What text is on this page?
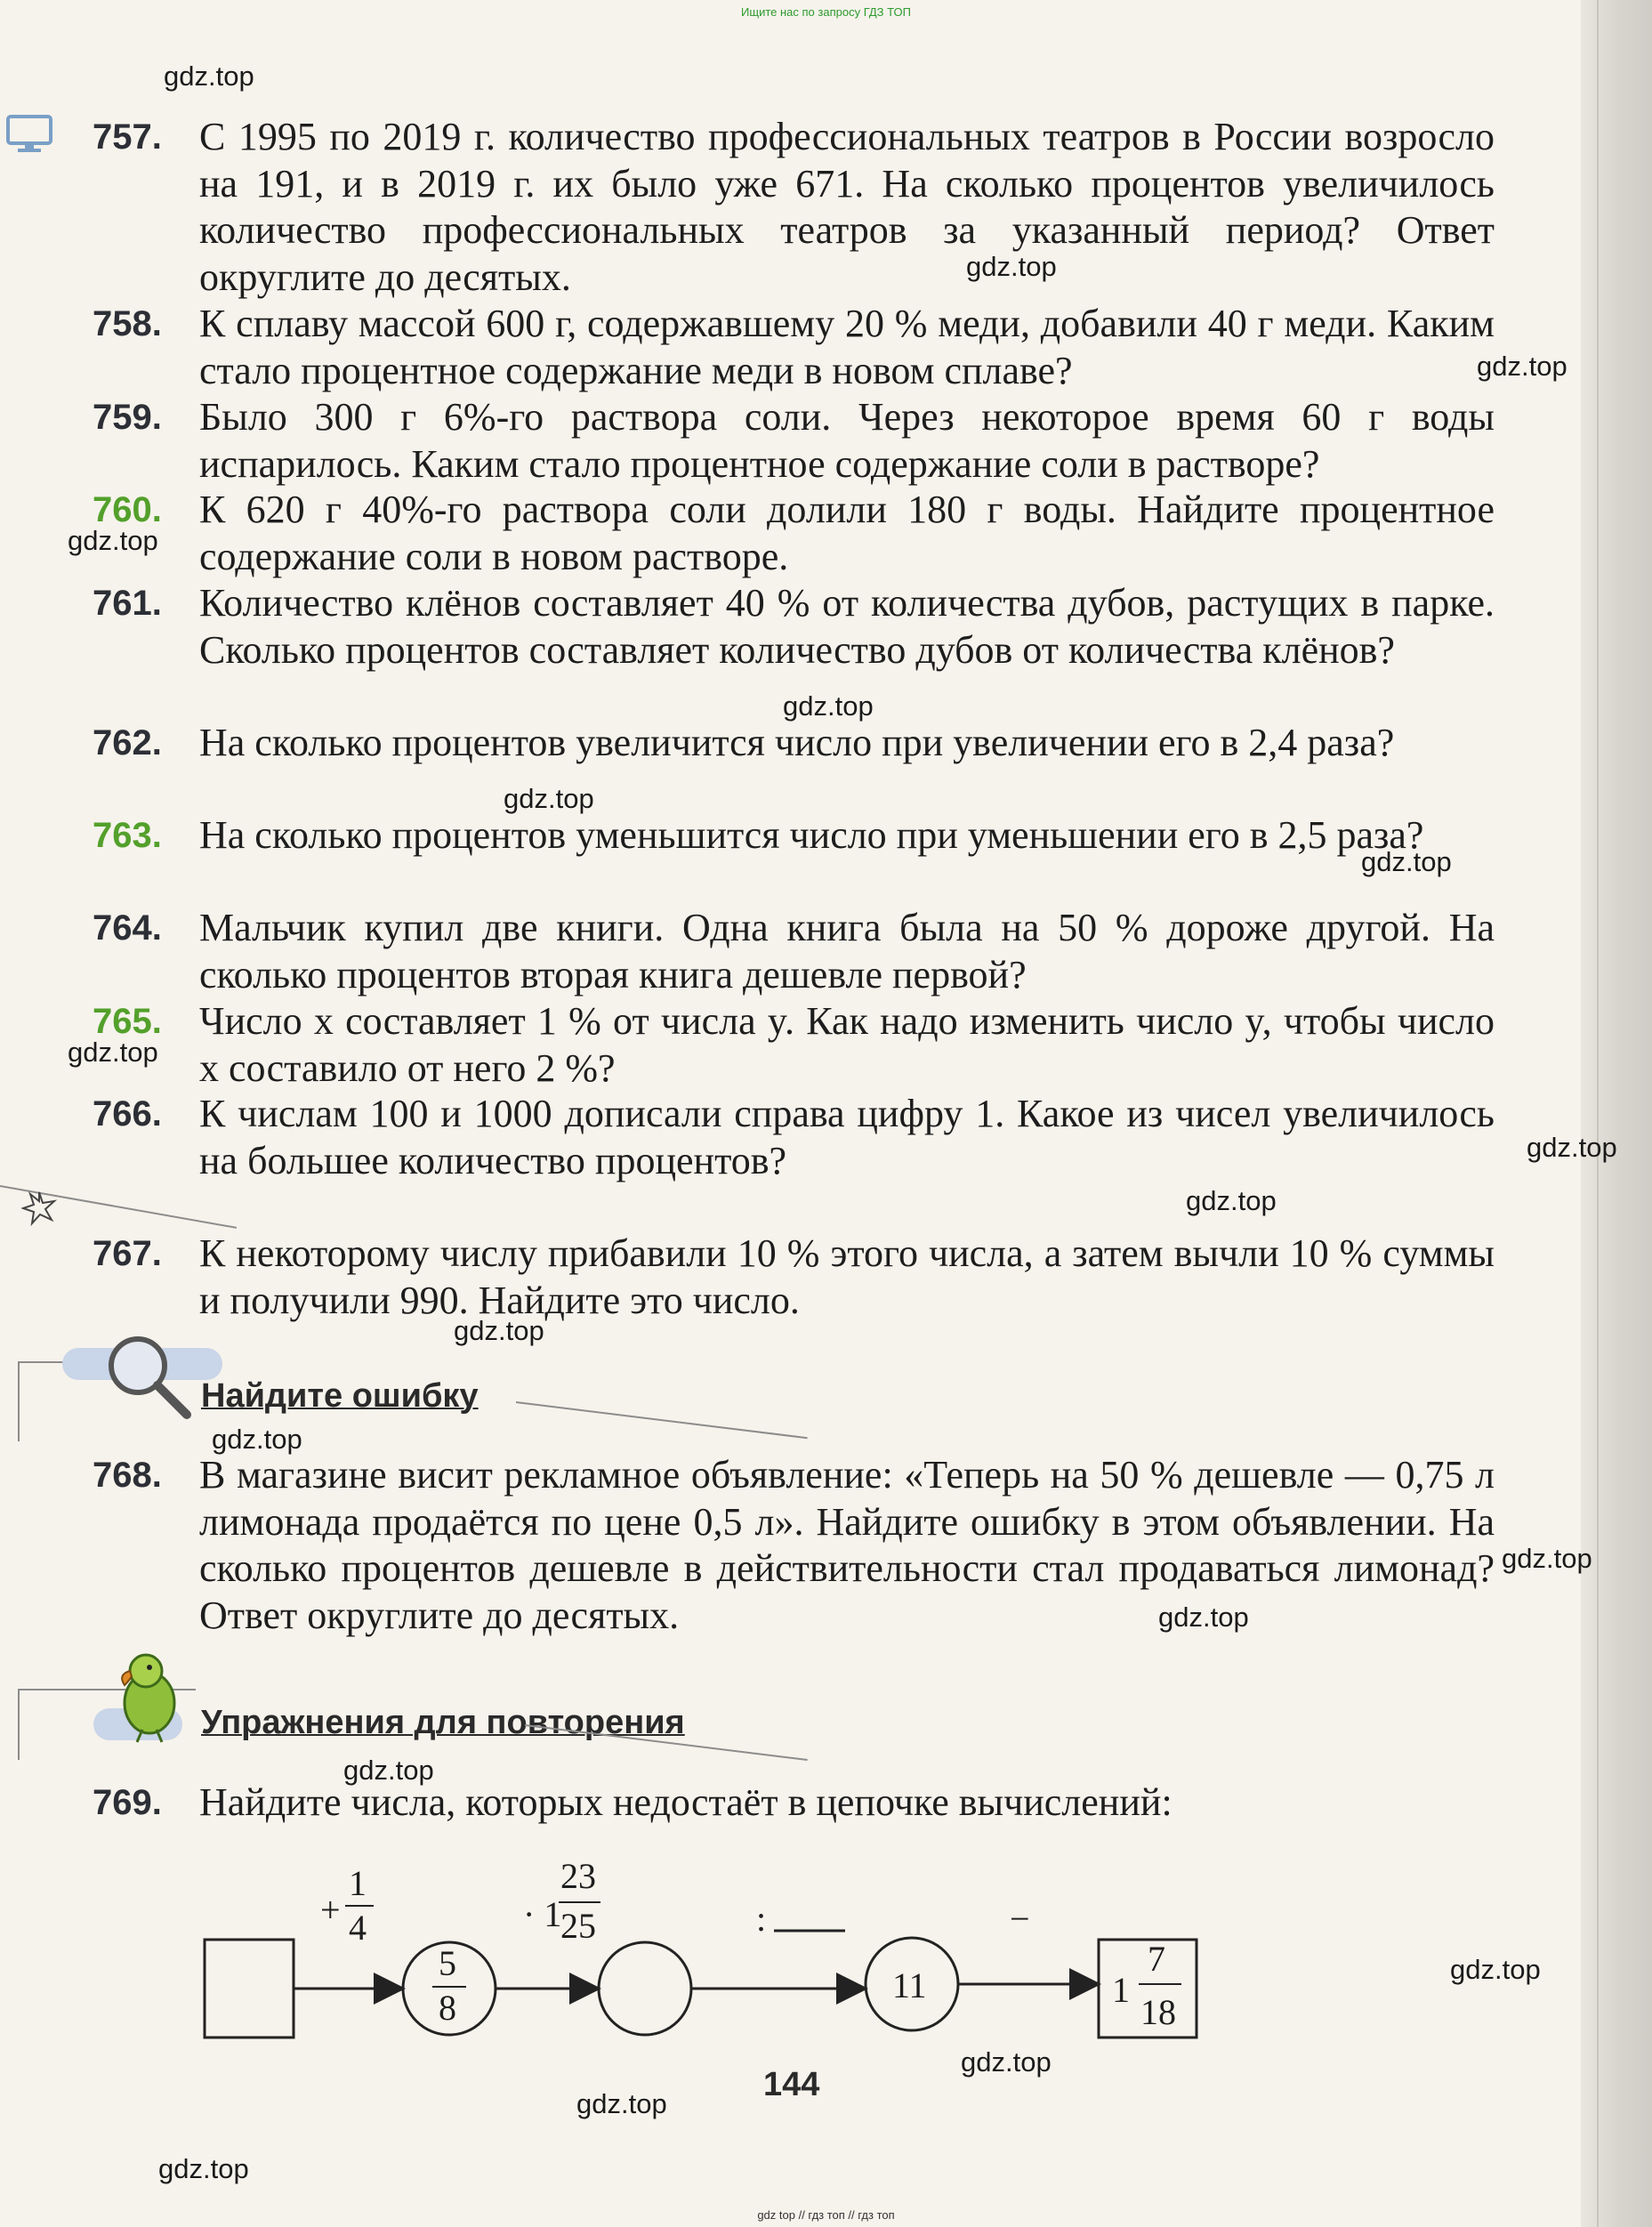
Ищите нас по запросу ГДЗ ТОП
757. С 1995 по 2019 г. количество профессиональных театров в России возросло на 191, и в 2019 г. их было уже 671. На сколько процентов увеличилось количество профессиональных театров за указанный период? Ответ округлите до десятых.
758. К сплаву массой 600 г, содержавшему 20 % меди, добавили 40 г меди. Каким стало процентное содержание меди в новом сплаве?
759. Было 300 г 6%-го раствора соли. Через некоторое время 60 г воды испарилось. Каким стало процентное содержание соли в растворе?
760. К 620 г 40%-го раствора соли долили 180 г воды. Найдите процентное содержание соли в новом растворе.
761. Количество клёнов составляет 40 % от количества дубов, растущих в парке. Сколько процентов составляет количество дубов от количества клёнов?
762. На сколько процентов увеличится число при увеличении его в 2,4 раза?
763. На сколько процентов уменьшится число при уменьшении его в 2,5 раза?
764. Мальчик купил две книги. Одна книга была на 50 % дороже другой. На сколько процентов вторая книга дешевле первой?
765. Число x составляет 1 % от числа y. Как надо изменить число y, чтобы число x составило от него 2 %?
766. К числам 100 и 1000 дописали справа цифру 1. Какое из чисел увеличилось на большее количество процентов?
767. К некоторому числу прибавили 10 % этого числа, а затем вычли 10 % суммы и получили 990. Найдите это число.
Найдите ошибку
768. В магазине висит рекламное объявление: «Теперь на 50 % дешевле — 0,75 л лимонада продаётся по цене 0,5 л». Найдите ошибку в этом объявлении. На сколько процентов дешевле в действительности стал продаваться лимонад? Ответ округлите до десятых.
Упражнения для повторения
769. Найдите числа, которых недостаёт в цепочке вычислений:
+
1
4
5
8
· 1
23
25	:
11
−
1
7
18
144
gdz.top
gdz.top
gdz.top
gdz.top
gdz.top
gdz.top
gdz.top
gdz.top
gdz.top
gdz.top
gdz.top
gdz.top
gdz.top
gdz.top
gdz.top
gdz.top
gdz.top
gdz.top
gdz.top
gdz top // гдз топ // гдз топ
